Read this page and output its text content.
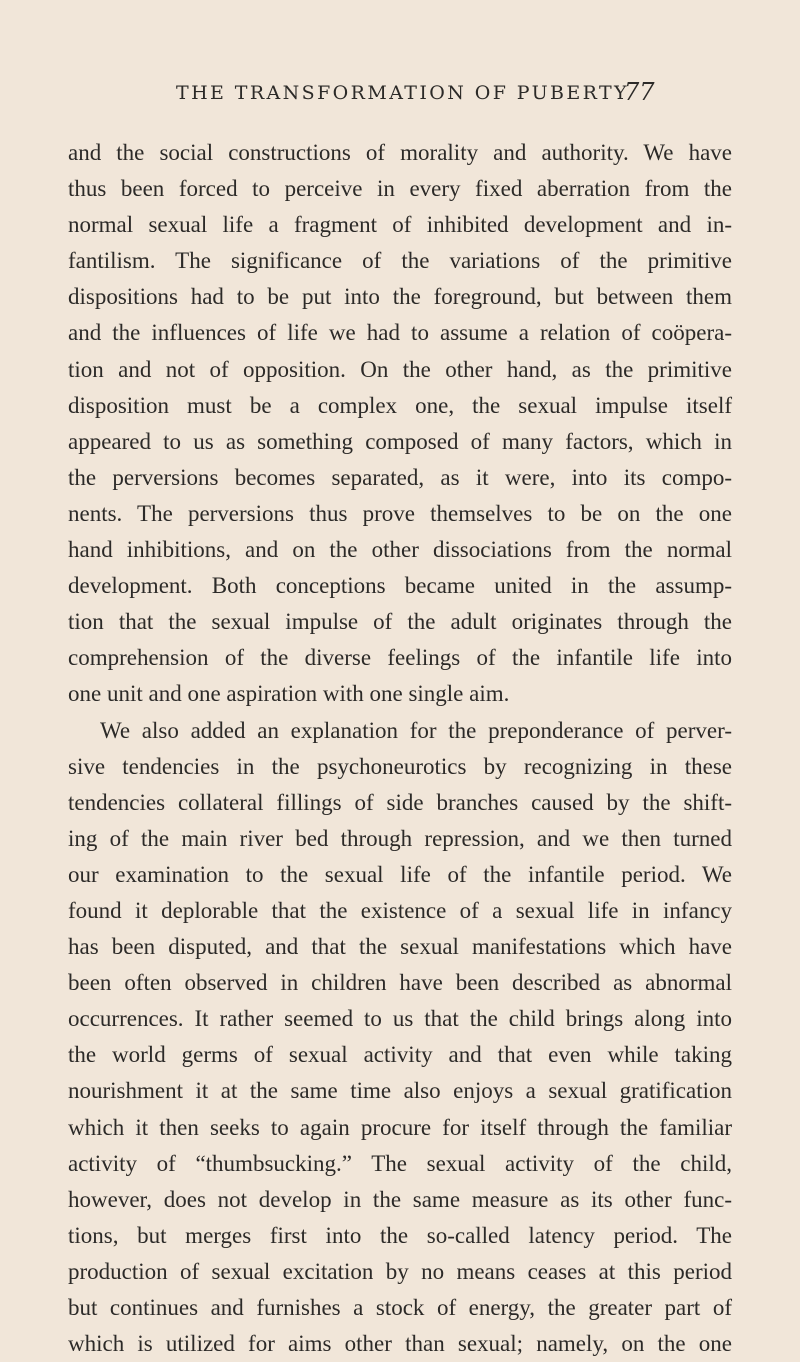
THE TRANSFORMATION OF PUBERTY
77
and the social constructions of morality and authority. We have
thus been forced to perceive in every fixed aberration from the
normal sexual life a fragment of inhibited development and in-
fantilism. The significance of the variations of the primitive
dispositions had to be put into the foreground, but between them
and the influences of life we had to assume a relation of coöpera-
tion and not of opposition. On the other hand, as the primitive
disposition must be a complex one, the sexual impulse itself
appeared to us as something composed of many factors, which in
the perversions becomes separated, as it were, into its compo-
nents. The perversions thus prove themselves to be on the one
hand inhibitions, and on the other dissociations from the normal
development. Both conceptions became united in the assump-
tion that the sexual impulse of the adult originates through the
comprehension of the diverse feelings of the infantile life into
one unit and one aspiration with one single aim.
We also added an explanation for the preponderance of perver-
sive tendencies in the psychoneurotics by recognizing in these
tendencies collateral fillings of side branches caused by the shift-
ing of the main river bed through repression, and we then turned
our examination to the sexual life of the infantile period. We
found it deplorable that the existence of a sexual life in infancy
has been disputed, and that the sexual manifestations which have
been often observed in children have been described as abnormal
occurrences. It rather seemed to us that the child brings along into
the world germs of sexual activity and that even while taking
nourishment it at the same time also enjoys a sexual gratification
which it then seeks to again procure for itself through the familiar
activity of “thumbsucking.” The sexual activity of the child,
however, does not develop in the same measure as its other func-
tions, but merges first into the so-called latency period. The
production of sexual excitation by no means ceases at this period
but continues and furnishes a stock of energy, the greater part of
which is utilized for aims other than sexual; namely, on the one
